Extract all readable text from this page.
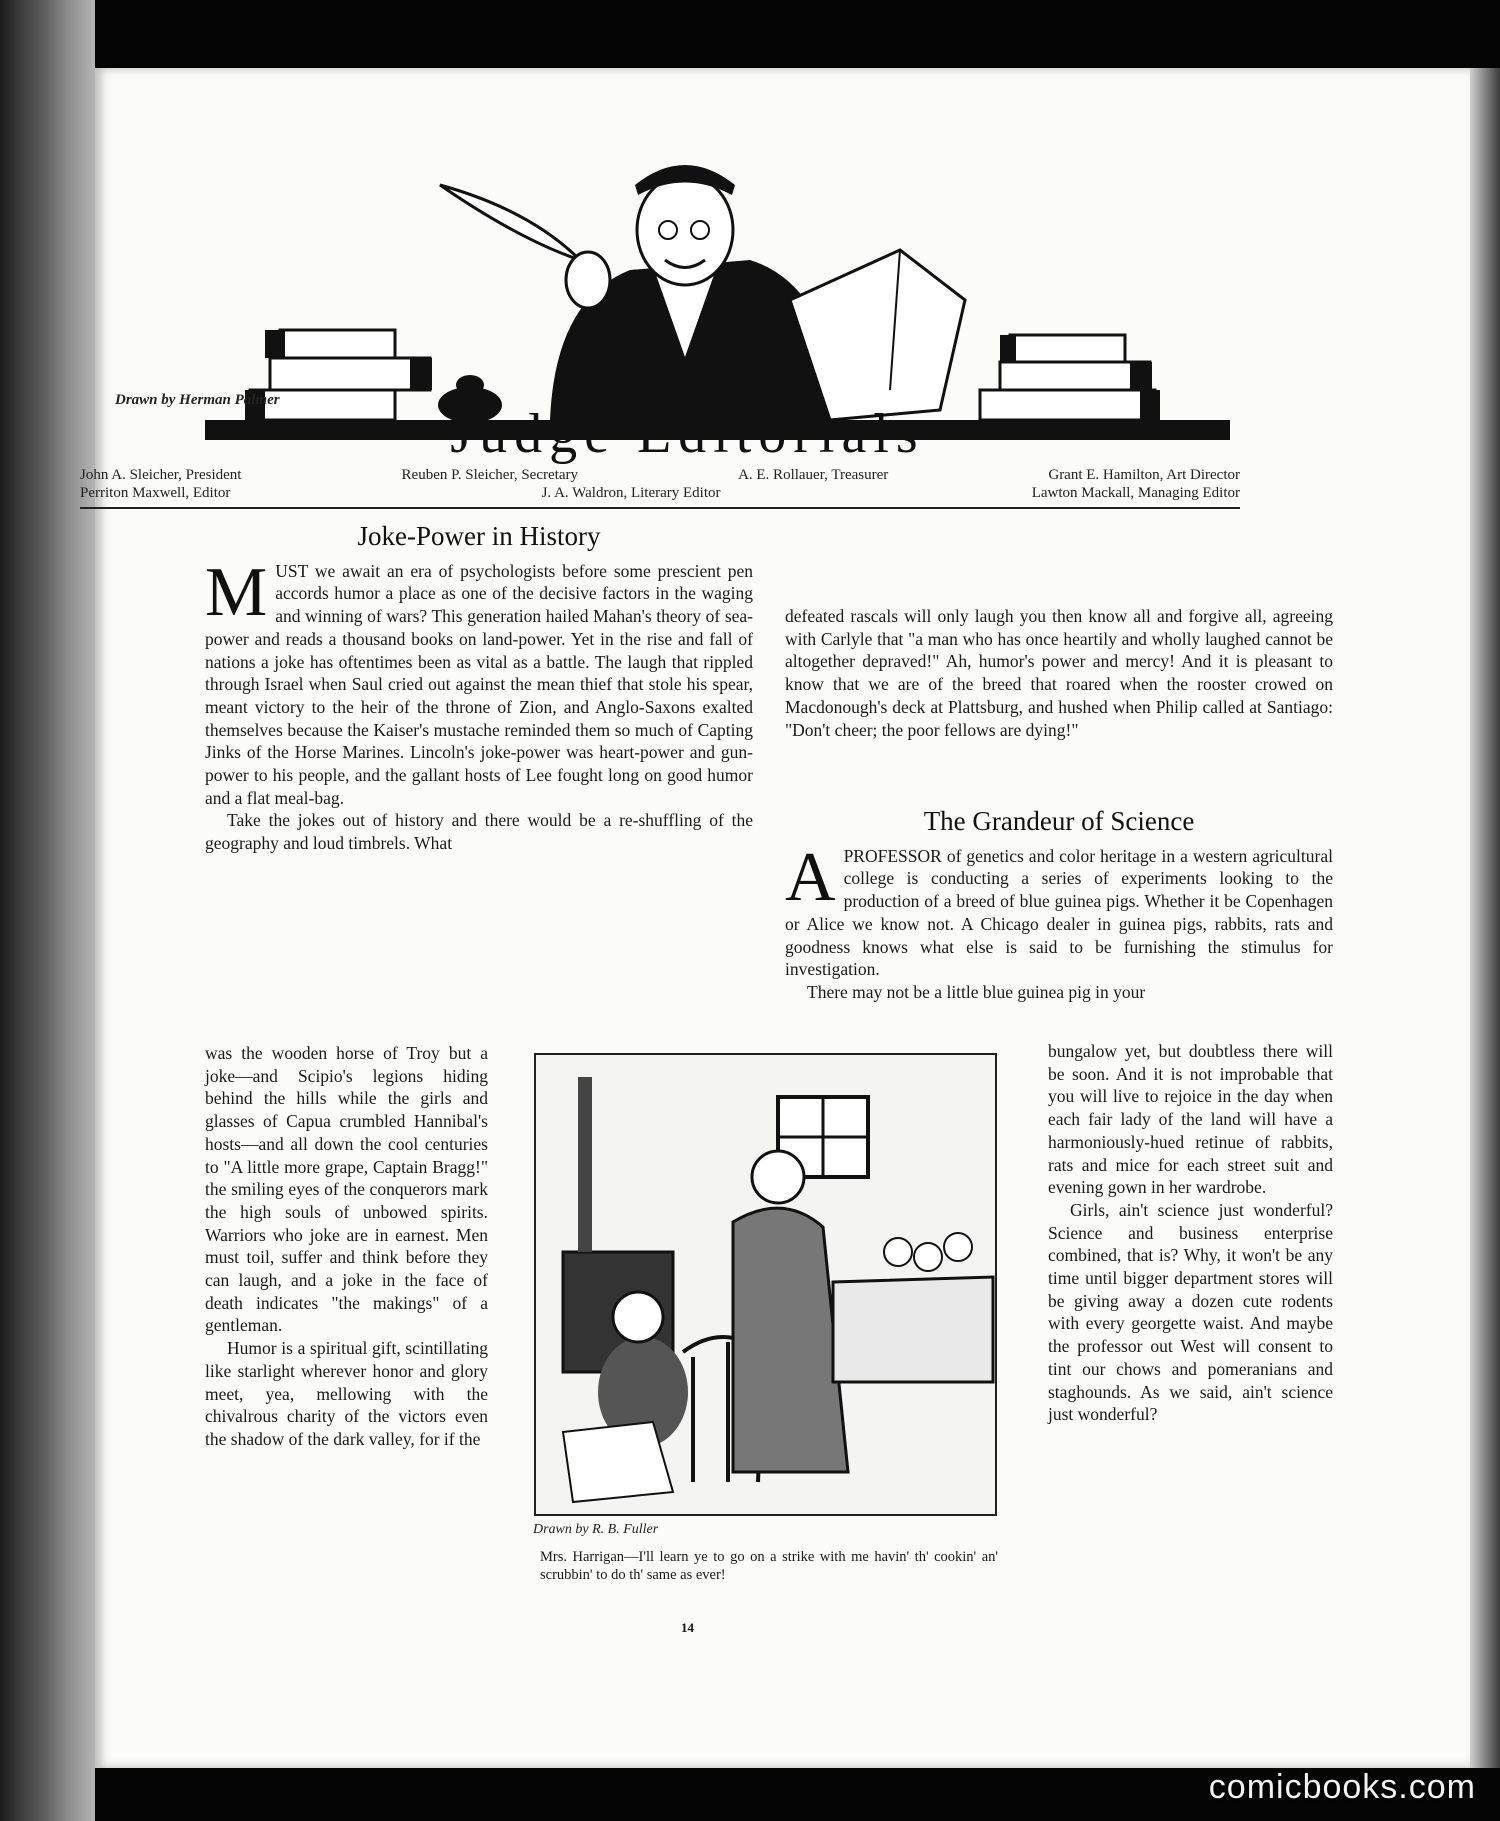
Drawn by Herman Palmer
Judge Editorials
John A. Sleicher, President	Reuben P. Sleicher, Secretary	A. E. Rollauer, Treasurer	Grant E. Hamilton, Art Director
Perriton Maxwell, Editor	J. A. Waldron, Literary Editor	Lawton Mackall, Managing Editor
Joke-Power in History

MUST we await an era of psychologists before some prescient pen accords humor a place as one of the decisive factors in the waging and winning of wars? This generation hailed Mahan's theory of sea-power and reads a thousand books on land-power. Yet in the rise and fall of nations a joke has oftentimes been as vital as a battle. The laugh that rippled through Israel when Saul cried out against the mean thief that stole his spear, meant victory to the heir of the throne of Zion, and Anglo-Saxons exalted themselves because the Kaiser's mustache reminded them so much of Capting Jinks of the Horse Marines. Lincoln's joke-power was heart-power and gun-power to his people, and the gallant hosts of Lee fought long on good humor and a flat meal-bag.

Take the jokes out of history and there would be a re-shuffling of the geography and loud timbrels. What

was the wooden horse of Troy but a joke—and Scipio's legions hiding behind the hills while the girls and glasses of Capua crumbled Hannibal's hosts—and all down the cool centuries to "A little more grape, Captain Bragg!" the smiling eyes of the conquerors mark the high souls of unbowed spirits. Warriors who joke are in earnest. Men must toil, suffer and think before they can laugh, and a joke in the face of death indicates "the makings" of a gentleman.

Humor is a spiritual gift, scintillating like starlight wherever honor and glory meet, yea, mellowing with the chivalrous charity of the victors even the shadow of the dark valley, for if the

defeated rascals will only laugh you then know all and forgive all, agreeing with Carlyle that "a man who has once heartily and wholly laughed cannot be altogether depraved!" Ah, humor's power and mercy! And it is pleasant to know that we are of the breed that roared when the rooster crowed on Macdonough's deck at Plattsburg, and hushed when Philip called at Santiago: "Don't cheer; the poor fellows are dying!"

The Grandeur of Science

APROFESSOR of genetics and color heritage in a western agricultural college is conducting a series of experiments looking to the production of a breed of blue guinea pigs. Whether it be Copenhagen or Alice we know not. A Chicago dealer in guinea pigs, rabbits, rats and goodness knows what else is said to be furnishing the stimulus for investigation.

There may not be a little blue guinea pig in your

bungalow yet, but doubtless there will be soon. And it is not improbable that you will live to rejoice in the day when each fair lady of the land will have a harmoniously-hued retinue of rabbits, rats and mice for each street suit and evening gown in her wardrobe.

Girls, ain't science just wonderful? Science and business enterprise combined, that is? Why, it won't be any time until bigger department stores will be giving away a dozen cute rodents with every georgette waist. And maybe the professor out West will consent to tint our chows and pomeranians and staghounds. As we said, ain't science just wonderful?

Drawn by R. B. Fuller
Mrs. Harrigan—I'll learn ye to go on a strike with me havin' th' cookin' an' scrubbin' to do th' same as ever!
14
comicbooks.com
